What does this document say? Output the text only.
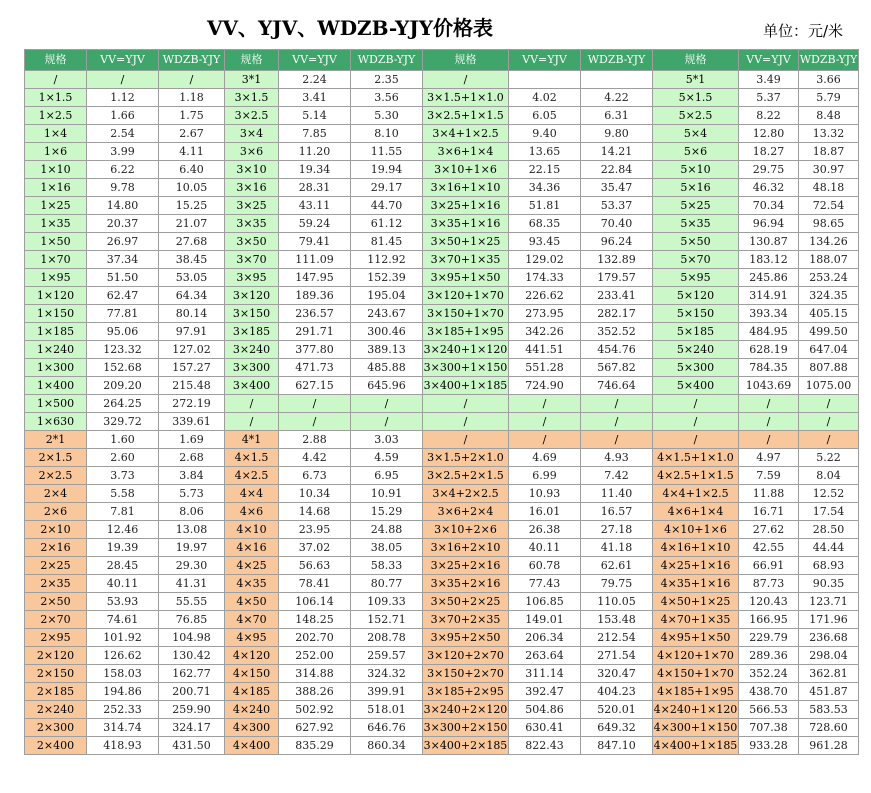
VV、YJV、WDZB-YJY价格表	单位：元/米
规格	VV=YJV	WDZB-YJY	规格	VV=YJV	WDZB-YJY	规格	VV=YJV	WDZB-YJY	规格	VV=YJV	WDZB-YJY
/	/	/	3*1	2.24	2.35	/			5*1	3.49	3.66
1×1.5	1.12	1.18	3×1.5	3.41	3.56	3×1.5+1×1.0	4.02	4.22	5×1.5	5.37	5.79
1×2.5	1.66	1.75	3×2.5	5.14	5.30	3×2.5+1×1.5	6.05	6.31	5×2.5	8.22	8.48
1×4	2.54	2.67	3×4	7.85	8.10	3×4+1×2.5	9.40	9.80	5×4	12.80	13.32
1×6	3.99	4.11	3×6	11.20	11.55	3×6+1×4	13.65	14.21	5×6	18.27	18.87
1×10	6.22	6.40	3×10	19.34	19.94	3×10+1×6	22.15	22.84	5×10	29.75	30.97
1×16	9.78	10.05	3×16	28.31	29.17	3×16+1×10	34.36	35.47	5×16	46.32	48.18
1×25	14.80	15.25	3×25	43.11	44.70	3×25+1×16	51.81	53.37	5×25	70.34	72.54
1×35	20.37	21.07	3×35	59.24	61.12	3×35+1×16	68.35	70.40	5×35	96.94	98.65
1×50	26.97	27.68	3×50	79.41	81.45	3×50+1×25	93.45	96.24	5×50	130.87	134.26
1×70	37.34	38.45	3×70	111.09	112.92	3×70+1×35	129.02	132.89	5×70	183.12	188.07
1×95	51.50	53.05	3×95	147.95	152.39	3×95+1×50	174.33	179.57	5×95	245.86	253.24
1×120	62.47	64.34	3×120	189.36	195.04	3×120+1×70	226.62	233.41	5×120	314.91	324.35
1×150	77.81	80.14	3×150	236.57	243.67	3×150+1×70	273.95	282.17	5×150	393.34	405.15
1×185	95.06	97.91	3×185	291.71	300.46	3×185+1×95	342.26	352.52	5×185	484.95	499.50
1×240	123.32	127.02	3×240	377.80	389.13	3×240+1×120	441.51	454.76	5×240	628.19	647.04
1×300	152.68	157.27	3×300	471.73	485.88	3×300+1×150	551.28	567.82	5×300	784.35	807.88
1×400	209.20	215.48	3×400	627.15	645.96	3×400+1×185	724.90	746.64	5×400	1043.69	1075.00
1×500	264.25	272.19	/	/	/	/	/	/	/	/	/
1×630	329.72	339.61	/	/	/	/	/	/	/	/	/
2*1	1.60	1.69	4*1	2.88	3.03	/	/	/	/	/	/
2×1.5	2.60	2.68	4×1.5	4.42	4.59	3×1.5+2×1.0	4.69	4.93	4×1.5+1×1.0	4.97	5.22
2×2.5	3.73	3.84	4×2.5	6.73	6.95	3×2.5+2×1.5	6.99	7.42	4×2.5+1×1.5	7.59	8.04
2×4	5.58	5.73	4×4	10.34	10.91	3×4+2×2.5	10.93	11.40	4×4+1×2.5	11.88	12.52
2×6	7.81	8.06	4×6	14.68	15.29	3×6+2×4	16.01	16.57	4×6+1×4	16.71	17.54
2×10	12.46	13.08	4×10	23.95	24.88	3×10+2×6	26.38	27.18	4×10+1×6	27.62	28.50
2×16	19.39	19.97	4×16	37.02	38.05	3×16+2×10	40.11	41.18	4×16+1×10	42.55	44.44
2×25	28.45	29.30	4×25	56.63	58.33	3×25+2×16	60.78	62.61	4×25+1×16	66.91	68.93
2×35	40.11	41.31	4×35	78.41	80.77	3×35+2×16	77.43	79.75	4×35+1×16	87.73	90.35
2×50	53.93	55.55	4×50	106.14	109.33	3×50+2×25	106.85	110.05	4×50+1×25	120.43	123.71
2×70	74.61	76.85	4×70	148.25	152.71	3×70+2×35	149.01	153.48	4×70+1×35	166.95	171.96
2×95	101.92	104.98	4×95	202.70	208.78	3×95+2×50	206.34	212.54	4×95+1×50	229.79	236.68
2×120	126.62	130.42	4×120	252.00	259.57	3×120+2×70	263.64	271.54	4×120+1×70	289.36	298.04
2×150	158.03	162.77	4×150	314.88	324.32	3×150+2×70	311.14	320.47	4×150+1×70	352.24	362.81
2×185	194.86	200.71	4×185	388.26	399.91	3×185+2×95	392.47	404.23	4×185+1×95	438.70	451.87
2×240	252.33	259.90	4×240	502.92	518.01	3×240+2×120	504.86	520.01	4×240+1×120	566.53	583.53
2×300	314.74	324.17	4×300	627.92	646.76	3×300+2×150	630.41	649.32	4×300+1×150	707.38	728.60
2×400	418.93	431.50	4×400	835.29	860.34	3×400+2×185	822.43	847.10	4×400+1×185	933.28	961.28
